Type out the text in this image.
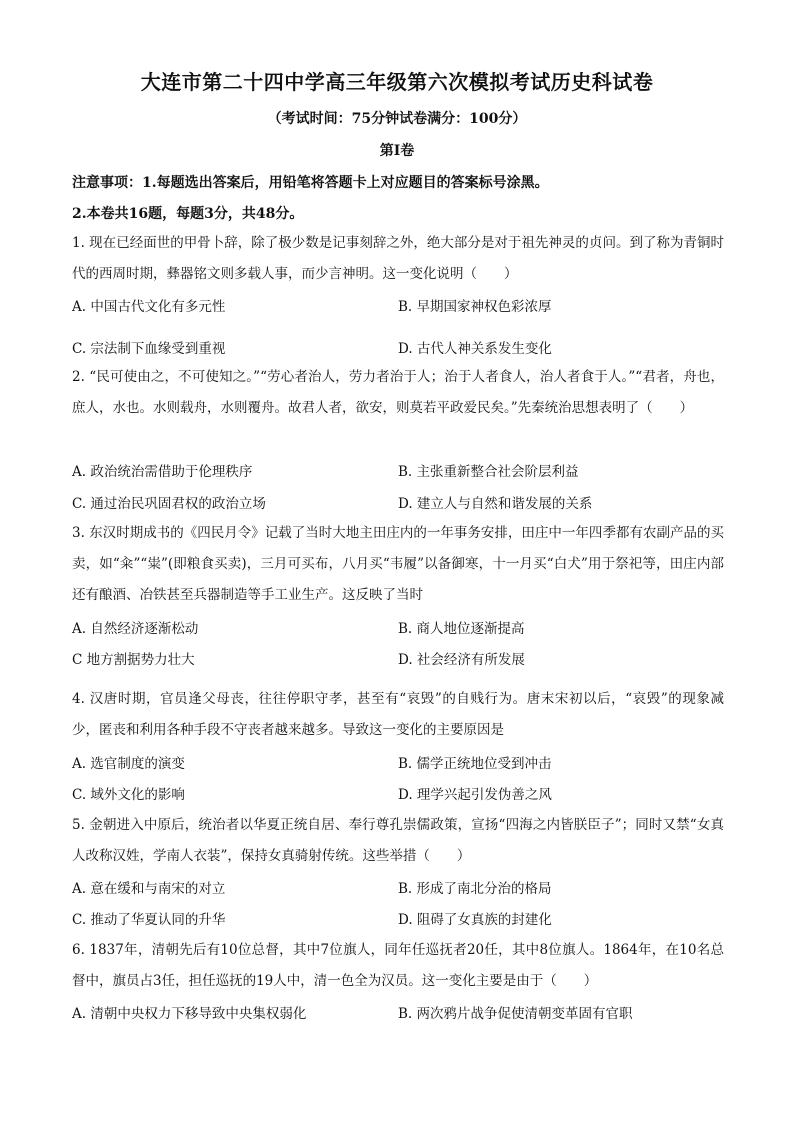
大连市第二十四中学高三年级第六次模拟考试历史科试卷
（考试时间：75分钟试卷满分：100分）
第Ⅰ卷
注意事项：1.每题选出答案后，用铅笔将答题卡上对应题目的答案标号涂黑。
2.本卷共16题，每题3分，共48分。
1. 现在已经面世的甲骨卜辞，除了极少数是记事刻辞之外，绝大部分是对于祖先神灵的贞问。到了称为青铜时代的西周时期，彝器铭文则多载人事，而少言神明。这一变化说明（　　）
A. 中国古代文化有多元性	B. 早期国家神权色彩浓厚
C. 宗法制下血缘受到重视	D. 古代人神关系发生变化
2. “民可使由之，不可使知之。”“劳心者治人，劳力者治于人；治于人者食人，治人者食于人。”“君者，舟也，庶人，水也。水则载舟，水则覆舟。故君人者，欲安，则莫若平政爱民矣。”先秦统治思想表明了（　　）
A. 政治统治需借助于伦理秩序	B. 主张重新整合社会阶层利益
C. 通过治民巩固君权的政治立场	D. 建立人与自然和谐发展的关系
3. 东汉时期成书的《四民月令》记载了当时大地主田庄内的一年事务安排，田庄中一年四季都有农副产品的买卖，如“籴”“粜”(即粮食买卖)，三月可买布，八月买“韦履”以备御寒，十一月买“白犬”用于祭祀等，田庄内部还有酿酒、冶铁甚至兵器制造等手工业生产。这反映了当时
A. 自然经济逐渐松动	B. 商人地位逐渐提高
C 地方割据势力壮大	D. 社会经济有所发展
4. 汉唐时期，官员逢父母丧，往往停职守孝，甚至有“哀毁”的自贱行为。唐末宋初以后，“哀毁”的现象减少，匿丧和利用各种手段不守丧者越来越多。导致这一变化的主要原因是
A. 选官制度的演变	B. 儒学正统地位受到冲击
C. 域外文化的影响	D. 理学兴起引发伪善之风
5. 金朝进入中原后，统治者以华夏正统自居、奉行尊孔崇儒政策，宣扬“四海之内皆朕臣子”；同时又禁“女真人改称汉姓，学南人衣装”，保持女真骑射传统。这些举措（　　）
A. 意在缓和与南宋的对立	B. 形成了南北分治的格局
C. 推动了华夏认同的升华	D. 阻碍了女真族的封建化
6. 1837年，清朝先后有10位总督，其中7位旗人，同年任巡抚者20任，其中8位旗人。1864年，在10名总督中，旗员占3任，担任巡抚的19人中，清一色全为汉员。这一变化主要是由于（　　）
A. 清朝中央权力下移导致中央集权弱化	B. 两次鸦片战争促使清朝变革固有官职
